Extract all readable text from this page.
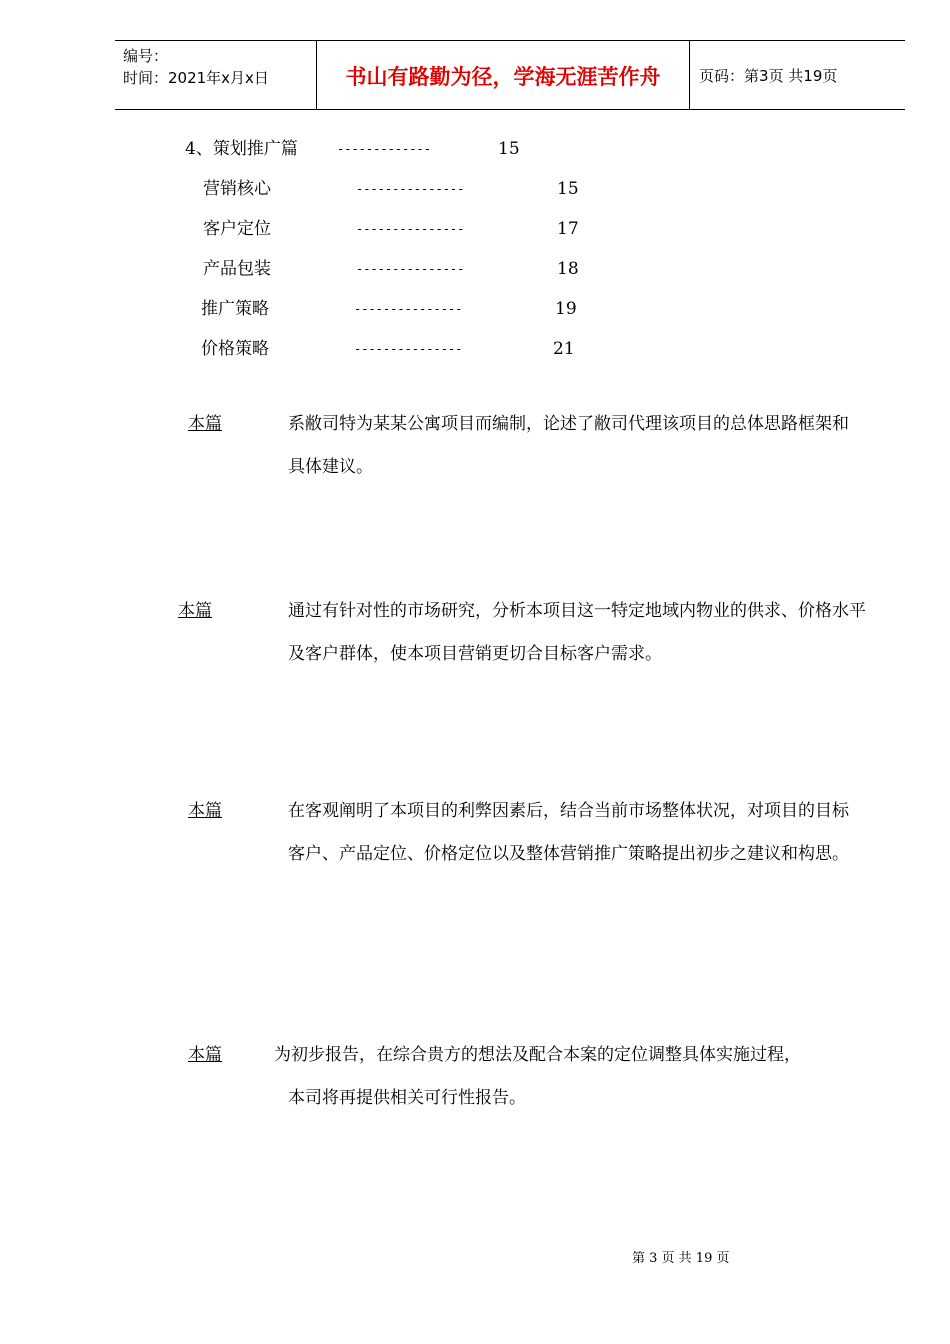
编号：
时间：2021年x月x日	书山有路勤为径，学海无涯苦作舟	页码：第3页 共19页
4、策划推广篇	-------------	15
营销核心	---------------	15
客户定位	---------------	17
产品包装	---------------	18
推广策略	---------------	19
价格策略	---------------	21
本篇	系敝司特为某某公寓项目而编制，论述了敝司代理该项目的总体思路框架和具体建议。
本篇	通过有针对性的市场研究，分析本项目这一特定地域内物业的供求、价格水平及客户群体，使本项目营销更切合目标客户需求。
本篇	在客观阐明了本项目的利弊因素后，结合当前市场整体状况，对项目的目标客户、产品定位、价格定位以及整体营销推广策略提出初步之建议和构思。
本篇	为初步报告，在综合贵方的想法及配合本案的定位调整具体实施过程，
本司将再提供相关可行性报告。
第 3 页 共 19 页
